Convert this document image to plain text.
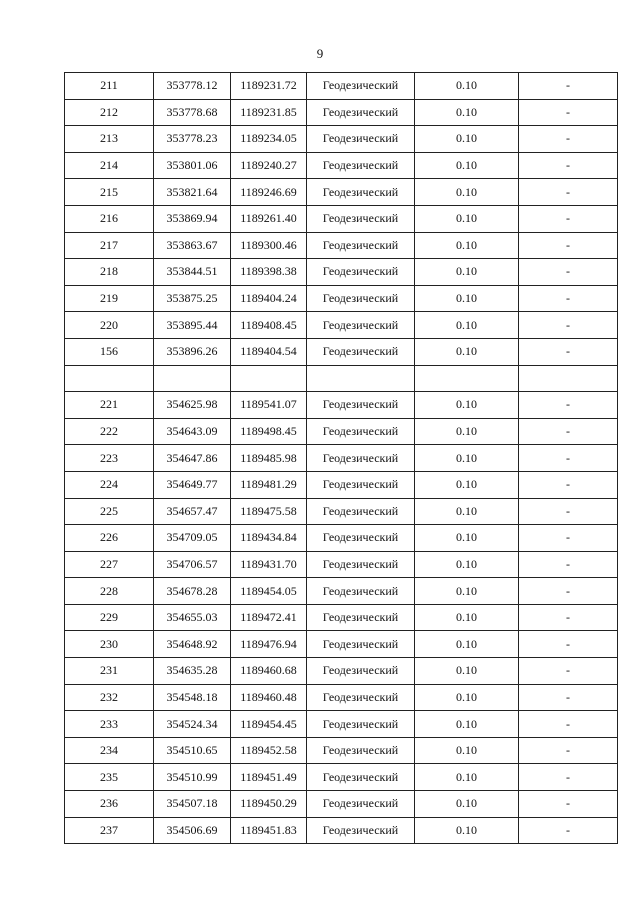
9
211	353778.12	1189231.72	Геодезический	0.10	-
212	353778.68	1189231.85	Геодезический	0.10	-
213	353778.23	1189234.05	Геодезический	0.10	-
214	353801.06	1189240.27	Геодезический	0.10	-
215	353821.64	1189246.69	Геодезический	0.10	-
216	353869.94	1189261.40	Геодезический	0.10	-
217	353863.67	1189300.46	Геодезический	0.10	-
218	353844.51	1189398.38	Геодезический	0.10	-
219	353875.25	1189404.24	Геодезический	0.10	-
220	353895.44	1189408.45	Геодезический	0.10	-
156	353896.26	1189404.54	Геодезический	0.10	-

221	354625.98	1189541.07	Геодезический	0.10	-
222	354643.09	1189498.45	Геодезический	0.10	-
223	354647.86	1189485.98	Геодезический	0.10	-
224	354649.77	1189481.29	Геодезический	0.10	-
225	354657.47	1189475.58	Геодезический	0.10	-
226	354709.05	1189434.84	Геодезический	0.10	-
227	354706.57	1189431.70	Геодезический	0.10	-
228	354678.28	1189454.05	Геодезический	0.10	-
229	354655.03	1189472.41	Геодезический	0.10	-
230	354648.92	1189476.94	Геодезический	0.10	-
231	354635.28	1189460.68	Геодезический	0.10	-
232	354548.18	1189460.48	Геодезический	0.10	-
233	354524.34	1189454.45	Геодезический	0.10	-
234	354510.65	1189452.58	Геодезический	0.10	-
235	354510.99	1189451.49	Геодезический	0.10	-
236	354507.18	1189450.29	Геодезический	0.10	-
237	354506.69	1189451.83	Геодезический	0.10	-
